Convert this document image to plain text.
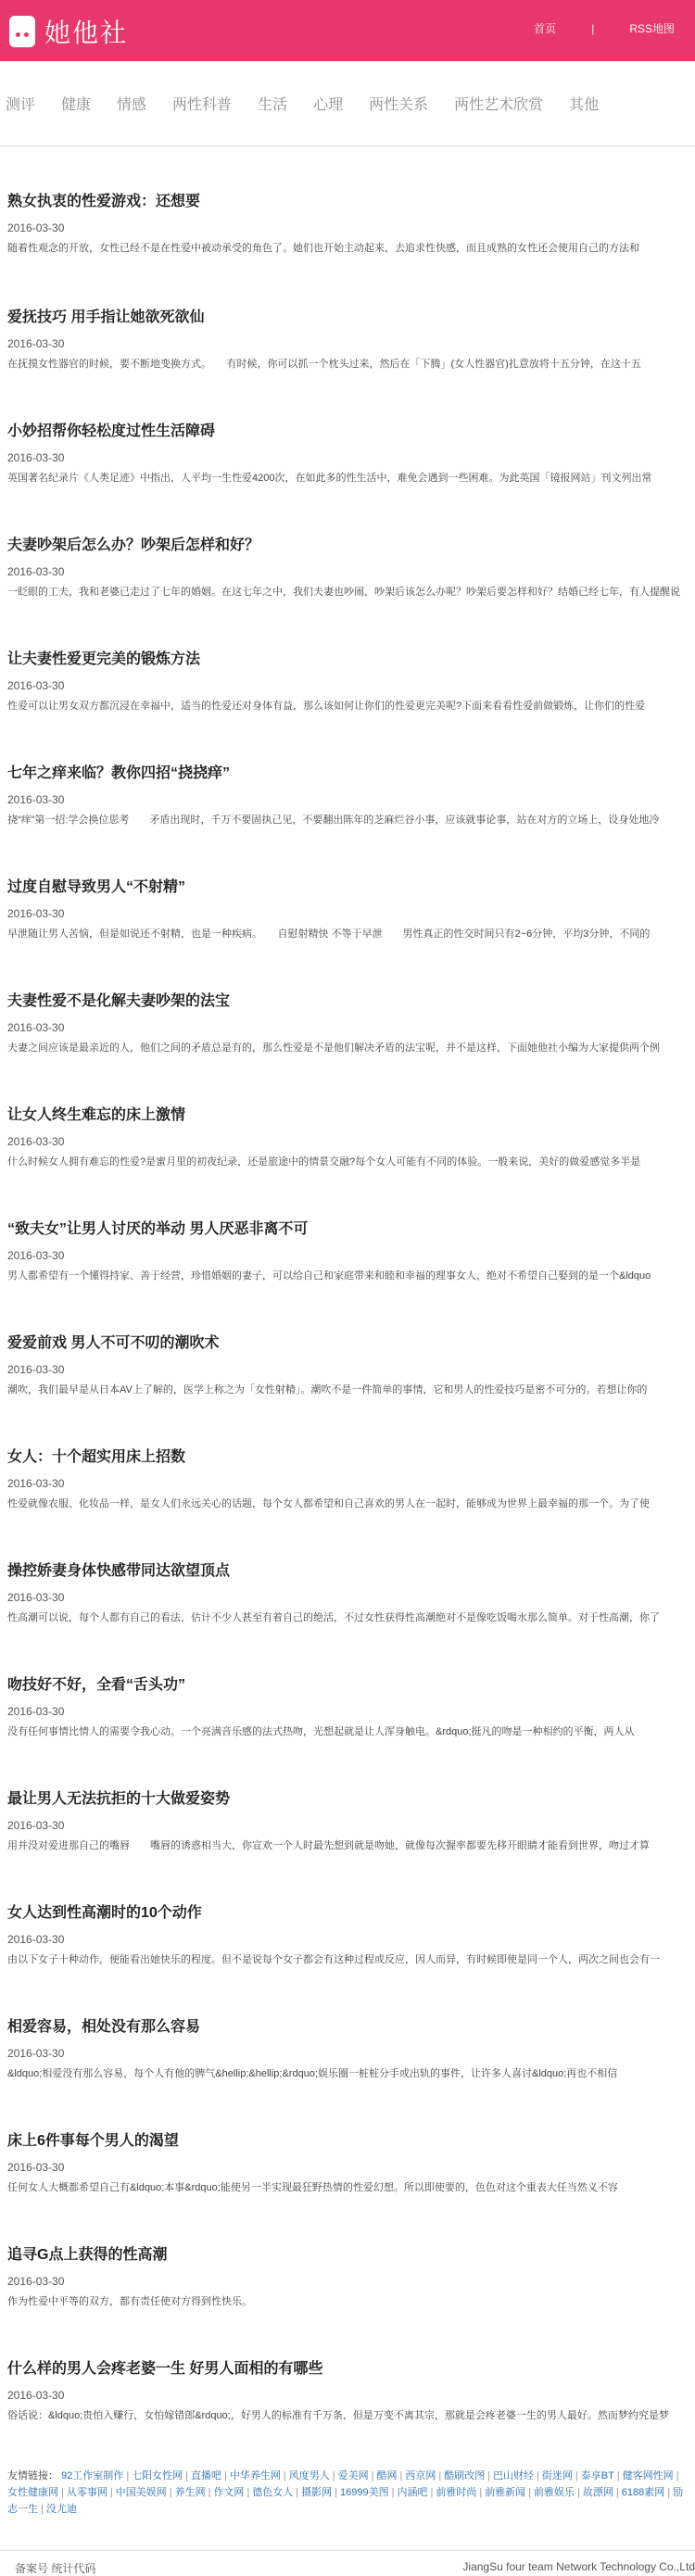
她他社	首页	|	RSS地图
测评 健康 情感 两性科普 生活 心理 两性关系 两性艺术欣赏 其他
熟女执衷的性爱游戏：还想要
2016-03-30
随着性观念的开放，女性已经不是在性爱中被动承受的角色了。她们也开始主动起来，去追求性快感，而且成熟的女性还会使用自己的方法和
爱抚技巧 用手指让她欲死欲仙
2016-03-30
在抚摸女性器官的时候，要不断地变换方式。　　有时候，你可以抓一个枕头过来，然后在「下腾」(女人性器官)扎意放将十五分钟，在这十五
小妙招帮你轻松度过性生活障碍
2016-03-30
英国著名纪录片《人类足迹》中指出，人平均一生性爱4200次，在如此多的性生活中，难免会遇到一些困难。为此英国「镜报网站」刊文列出常
夫妻吵架后怎么办？吵架后怎样和好？
2016-03-30
一眨眼的工夫，我和老婆已走过了七年的婚姻。在这七年之中，我们夫妻也吵闹，吵架后该怎么办呢？吵架后要怎样和好？结婚已经七年，有人提醒说
让夫妻性爱更完美的锻炼方法
2016-03-30
性爱可以让男女双方都沉浸在幸福中，适当的性爱还对身体有益，那么该如何让你们的性爱更完美呢?下面来看看性爱前做锻炼，让你们的性爱
七年之痒来临？教你四招“挠挠痒”
2016-03-30
挠“痒”第一招:学会换位思考　　矛盾出现时，千万不要固执己见，不要翻出陈年的芝麻烂谷小事，应该就事论事，站在对方的立场上，设身处地冷
过度自慰导致男人“不射精”
2016-03-30
早泄随让男人苦恼，但是如说还不射精，也是一种疾病。　　自慰射精快 不等于早泄　　男性真正的性交时间只有2~6分钟，平均3分钟，不同的
夫妻性爱不是化解夫妻吵架的法宝
2016-03-30
夫妻之间应该是最亲近的人，他们之间的矛盾总是有的，那么性爱是不是他们解决矛盾的法宝呢，并不是这样，下面她他社小编为大家提供两个例
让女人终生难忘的床上激情
2016-03-30
什么时候女人拥有难忘的性爱?是蜜月里的初夜纪录，还是旅途中的情景交融?每个女人可能有不同的体验。一般来说，美好的做爱感觉多半是
“致夫女”让男人讨厌的举动 男人厌恶非离不可
2016-03-30
男人都希望有一个懂得持家、善于经营，珍惜婚姻的妻子，可以给自己和家庭带来和睦和幸福的理事女人，绝对不希望自己娶到的是一个&ldquo
爱爱前戏 男人不可不叨的潮吹术
2016-03-30
潮吹，我们最早是从日本AV上了解的，医学上称之为「女性射精」。潮吹不是一件简单的事情，它和男人的性爱技巧是密不可分的。若想让你的
女人：十个超实用床上招数
2016-03-30
性爱就像农服、化妆品一样，是女人们永远关心的话题，每个女人都希望和自己喜欢的男人在一起时，能够成为世界上最幸福的那一个。为了使
操控娇妻身体快感带同达欲望顶点
2016-03-30
性高潮可以说，每个人都有自己的看法，估计不少人甚至有着自己的绝活，不过女性获得性高潮绝对不是像吃饭喝水那么简单。对于性高潮，你了
吻技好不好，全看“舌头功”
2016-03-30
没有任何事情比情人的需要令我心动。一个亮满音乐感的法式热吻，光想起就是让人浑身触电。&rdquo;挺凡的吻是一种相约的平衡，两人从
最让男人无法抗拒的十大做爱姿势
2016-03-30
用并没对爱进那自己的嘴唇　　嘴唇的诱惑相当大，你宣欢一个人时最先想到就是吻她，就像每次握率都要先移开眼睛才能看到世界，吻过才算
女人达到性高潮时的10个动作
2016-03-30
由以下女子十种动作，便能看出她快乐的程度。但不是说每个女子都会有这种过程或反应，因人而异，有时候即使是同一个人，两次之间也会有一
相爱容易，相处没有那么容易
2016-03-30
&ldquo;相爱没有那么容易，每个人有他的脾气&hellip;&hellip;&rdquo;娱乐圈一桩桩分手或出轨的事件，让许多人喜讨&ldquo;再也不相信
床上6件事每个男人的渴望
2016-03-30
任何女人大概都希望自己有&ldquo;本事&rdquo;能使另一半实现最狂野热情的性爱幻想。所以即使要的，色色对这个重表大任当然义不容
追寻G点上获得的性高潮
2016-03-30
作为性爱中平等的双方，都有责任使对方得到性快乐。
什么样的男人会疼老婆一生 好男人面相的有哪些
2016-03-30
俗话说：&ldquo;贵怕入赚行，女怕嫁错郎&rdquo;，好男人的标准有千万条，但是万变不离其宗，那就是会疼老婆一生的男人最好。然而梦约究是梦
友情链接： 92工作室制作 | 七阳女性网 | 直播吧 | 中华养生网 | 风度男人 | 爱美网 | 酷网 | 西京网 | 酷刷改图 | 巴山财经 | 街迷网 | 泰享BT | 健客网性网 |女性健康网 | 从零事网 | 中国美娱网 | 养生网 | 作文网 | 德色女人 | 摄影网 | 16999美图 | 内涵吧 | 前雅时尚 | 前雅新闻 | 前雅娱乐 | 故漂网 | 6188素网 | 励志一生 | 没尤迪
备案号 统计代码	JiangSu four team Network Technology Co.,Ltd
